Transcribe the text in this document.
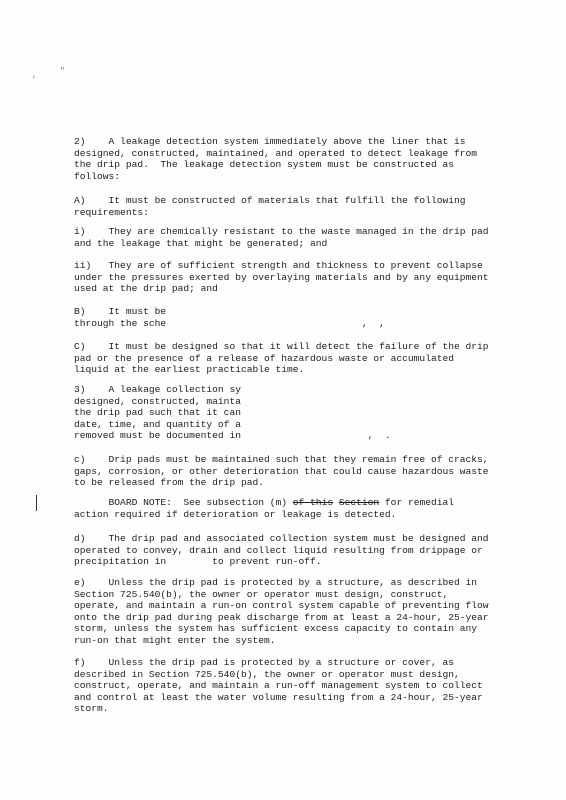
,	"
2)    A leakage detection system immediately above the liner that is
designed, constructed, maintained, and operated to detect leakage from
the drip pad.  The leakage detection system must be constructed as
follows:
A)    It must be constructed of materials that fulfill the following
requirements:
i)    They are chemically resistant to the waste managed in the drip pad
and the leakage that might be generated; and
ii)   They are of sufficient strength and thickness to prevent collapse
under the pressures exerted by overlaying materials and by any equipment
used at the drip pad; and
B)    It must be
through the sche                                  ,  ,
C)    It must be designed so that it will detect the failure of the drip
pad or the presence of a release of hazardous waste or accumulated
liquid at the earliest practicable time.
3)    A leakage collection sy
designed, constructed, mainta
the drip pad such that it can
date, time, and quantity of a
removed must be documented in                      ,  .
c)    Drip pads must be maintained such that they remain free of cracks,
gaps, corrosion, or other deterioration that could cause hazardous waste
to be released from the drip pad.
BOARD NOTE:  See subsection (m) of this Section for remedial
action required if deterioration or leakage is detected.
d)    The drip pad and associated collection system must be designed and
operated to convey, drain and collect liquid resulting from drippage or
precipitation in        to prevent run-off.
e)    Unless the drip pad is protected by a structure, as described in
Section 725.540(b), the owner or operator must design, construct,
operate, and maintain a run-on control system capable of preventing flow
onto the drip pad during peak discharge from at least a 24-hour, 25-year
storm, unless the system has sufficient excess capacity to contain any
run-on that might enter the system.
f)    Unless the drip pad is protected by a structure or cover, as
described in Section 725.540(b), the owner or operator must design,
construct, operate, and maintain a run-off management system to collect
and control at least the water volume resulting from a 24-hour, 25-year
storm.
